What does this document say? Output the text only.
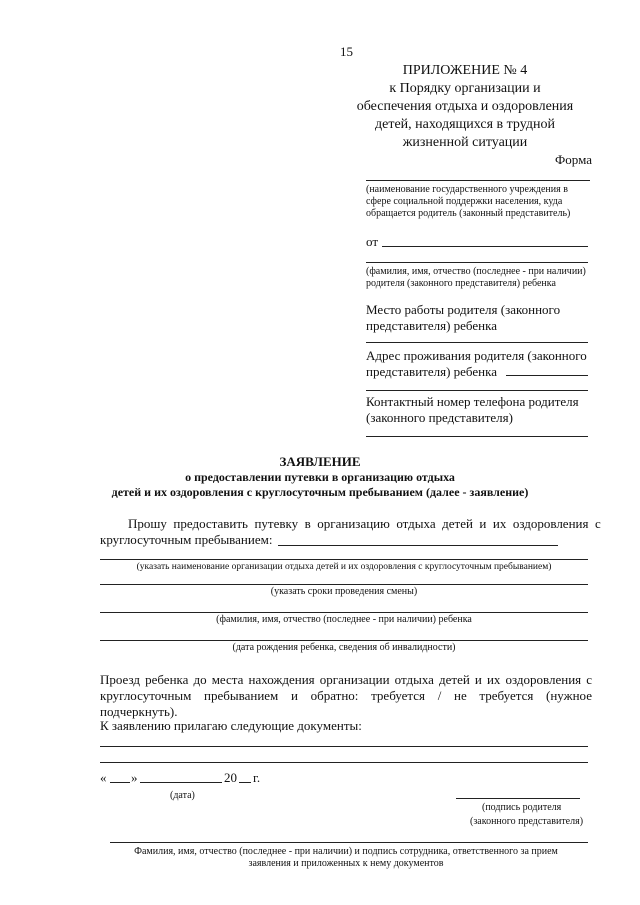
15
ПРИЛОЖЕНИЕ № 4
к Порядку организации и
обеспечения отдыха и оздоровления
детей, находящихся в трудной
жизненной ситуации
Форма
(наименование государственного учреждения в сфере социальной поддержки населения, куда обращается родитель (законный представитель)
от
(фамилия, имя, отчество (последнее - при наличии) родителя (законного представителя) ребенка
Место работы родителя (законного представителя) ребенка
Адрес проживания родителя (законного представителя) ребенка
Контактный номер телефона родителя (законного представителя)
ЗАЯВЛЕНИЕ
о предоставлении путевки в организацию отдыха
детей и их оздоровления с круглосуточным пребыванием (далее - заявление)
Прошу  предоставить  путевку  в  организацию  отдыха  детей  и  их  оздоровления  с
круглосуточным пребыванием:
(указать наименование организации отдыха детей и их оздоровления с круглосуточным пребыванием)
(указать сроки проведения смены)
(фамилия, имя, отчество (последнее - при наличии) ребенка
(дата рождения ребенка, сведения об инвалидности)
Проезд ребенка до места нахождения организации отдыха детей и их оздоровления с круглосуточным пребыванием и обратно: требуется / не требуется (нужное подчеркнуть).
К заявлению прилагаю следующие документы:
« »	20 г.
(дата)
(подпись родителя
(законного представителя)
Фамилия, имя, отчество (последнее - при наличии) и подпись сотрудника, ответственного за прием
заявления и приложенных к нему документов
